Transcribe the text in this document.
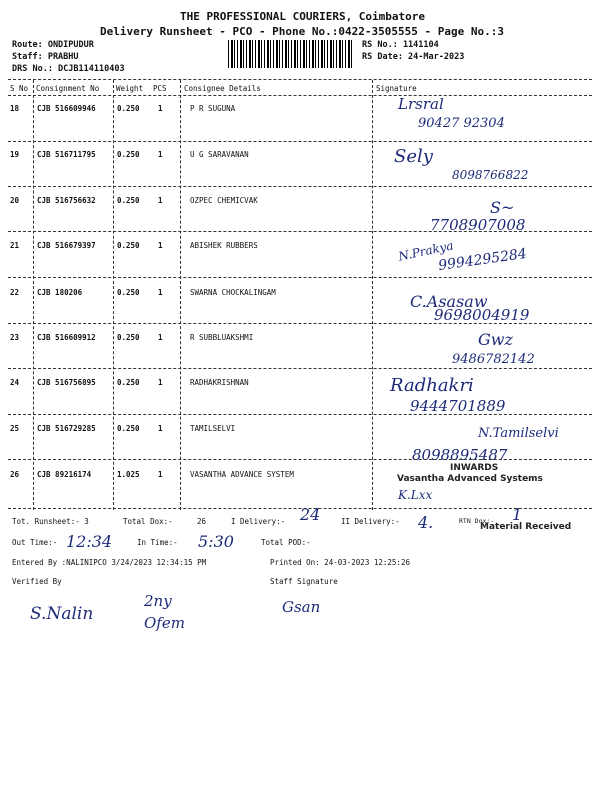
THE PROFESSIONAL COURIERS, Coimbatore
Delivery Runsheet - PCO - Phone No.:0422-3505555 - Page No.:3
Route: ONDIPUDUR
Staff: PRABHU
DRS No.: DCJB114110403
RS No.: 1141104
RS Date: 24-Mar-2023
S No Consignment No Weight PCS Consignee Details	Signature
18 CJB 516609946	0.250 1	P R SUGUNA	Lrsral
90427 92304
19 CJB 516711795	0.250 1	U G SARAVANAN	Sely
8098766822
20 CJB 516756632	0.250 1	OZPEC CHEMICVAK	S~
7708907008
21 CJB 516679397	0.250 1	ABISHEK RUBBERS	N.Prakya
9994295284
22 CJB 180206	0.250 1	SWARNA CHOCKALINGAM	C.Asasaw
9698004919
23 CJB 516609912	0.250 1	R SUBBLUAKSHMI	Gwz
9486782142
24 CJB 516756895	0.250 1	RADHAKRISHNAN	Radhakri
9444701889
25 CJB 516729285	0.250 1	TAMILSELVI	N.Tamilselvi
8098895487
26 CJB 89216174	1.025 1	VASANTHA ADVANCE SYSTEM
K.Lxx
INWARDS
Vasantha Advanced Systems
Material Received
Tot. Runsheet:- 3	Total Dox:-	26	I Delivery:- 24	II Delivery:- 4.	RTN Dox:- 1
Out Time:- 12:34	In Time:- 5:30	Total POD:-
Entered By :NALINIPCO 3/24/2023 12:34:15 PM	Printed On: 24-03-2023 12:25:26
Verified By	Staff Signature
S.Nalin
2ny
Ofem
Gsan
